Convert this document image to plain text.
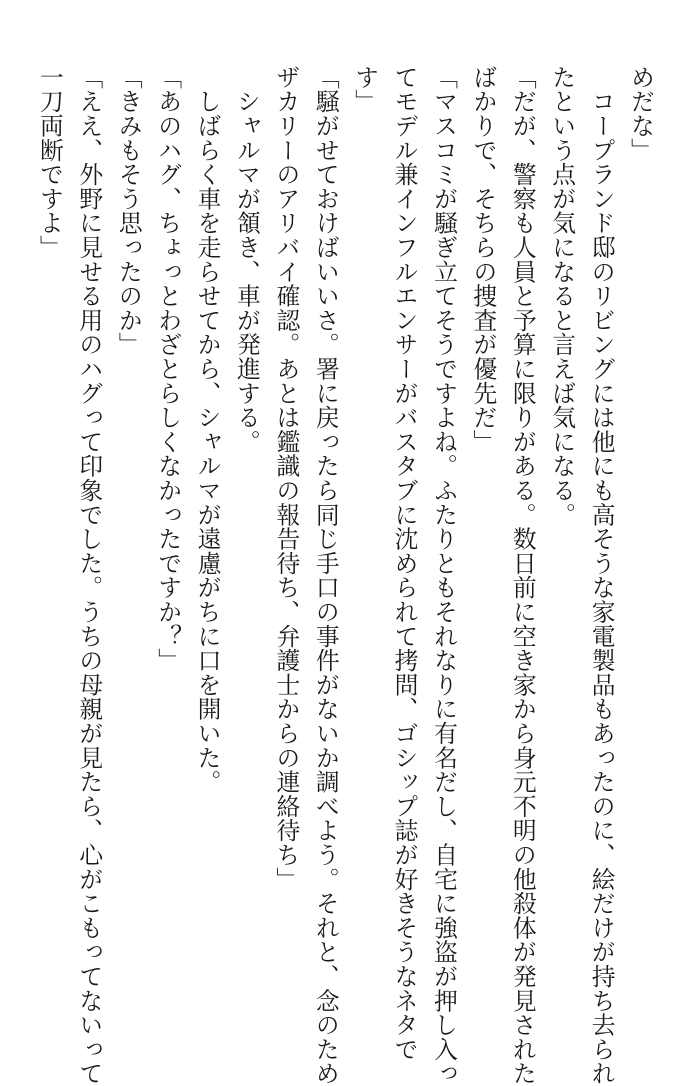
めだな」

　コープランド邸のリビングには他にも高そうな家電製品もあったのに、絵だけが持ち去られ

たという点が気になると言えば気になる。

「だが、警察も人員と予算に限りがある。数日前に空き家から身元不明の他殺体が発見された

ばかりで、そちらの捜査が優先だ」

「マスコミが騒ぎ立てそうですよね。ふたりともそれなりに有名だし、自宅に強盗が押し入っ

てモデル兼インフルエンサーがバスタブに沈められて拷問、ゴシップ誌が好きそうなネタで

す」

「騒がせておけばいいさ。署に戻ったら同じ手口の事件がないか調べよう。それと、念のため

ザカリーのアリバイ確認。あとは鑑識の報告待ち、弁護士からの連絡待ち」

　シャルマが頷き、車が発進する。

　しばらく車を走らせてから、シャルマが遠慮がちに口を開いた。

「あのハグ、ちょっとわざとらしくなかったですか？」

「きみもそう思ったのか」

「ええ、外野に見せる用のハグって印象でした。うちの母親が見たら、心がこもってないって

一刀両断ですよ」
